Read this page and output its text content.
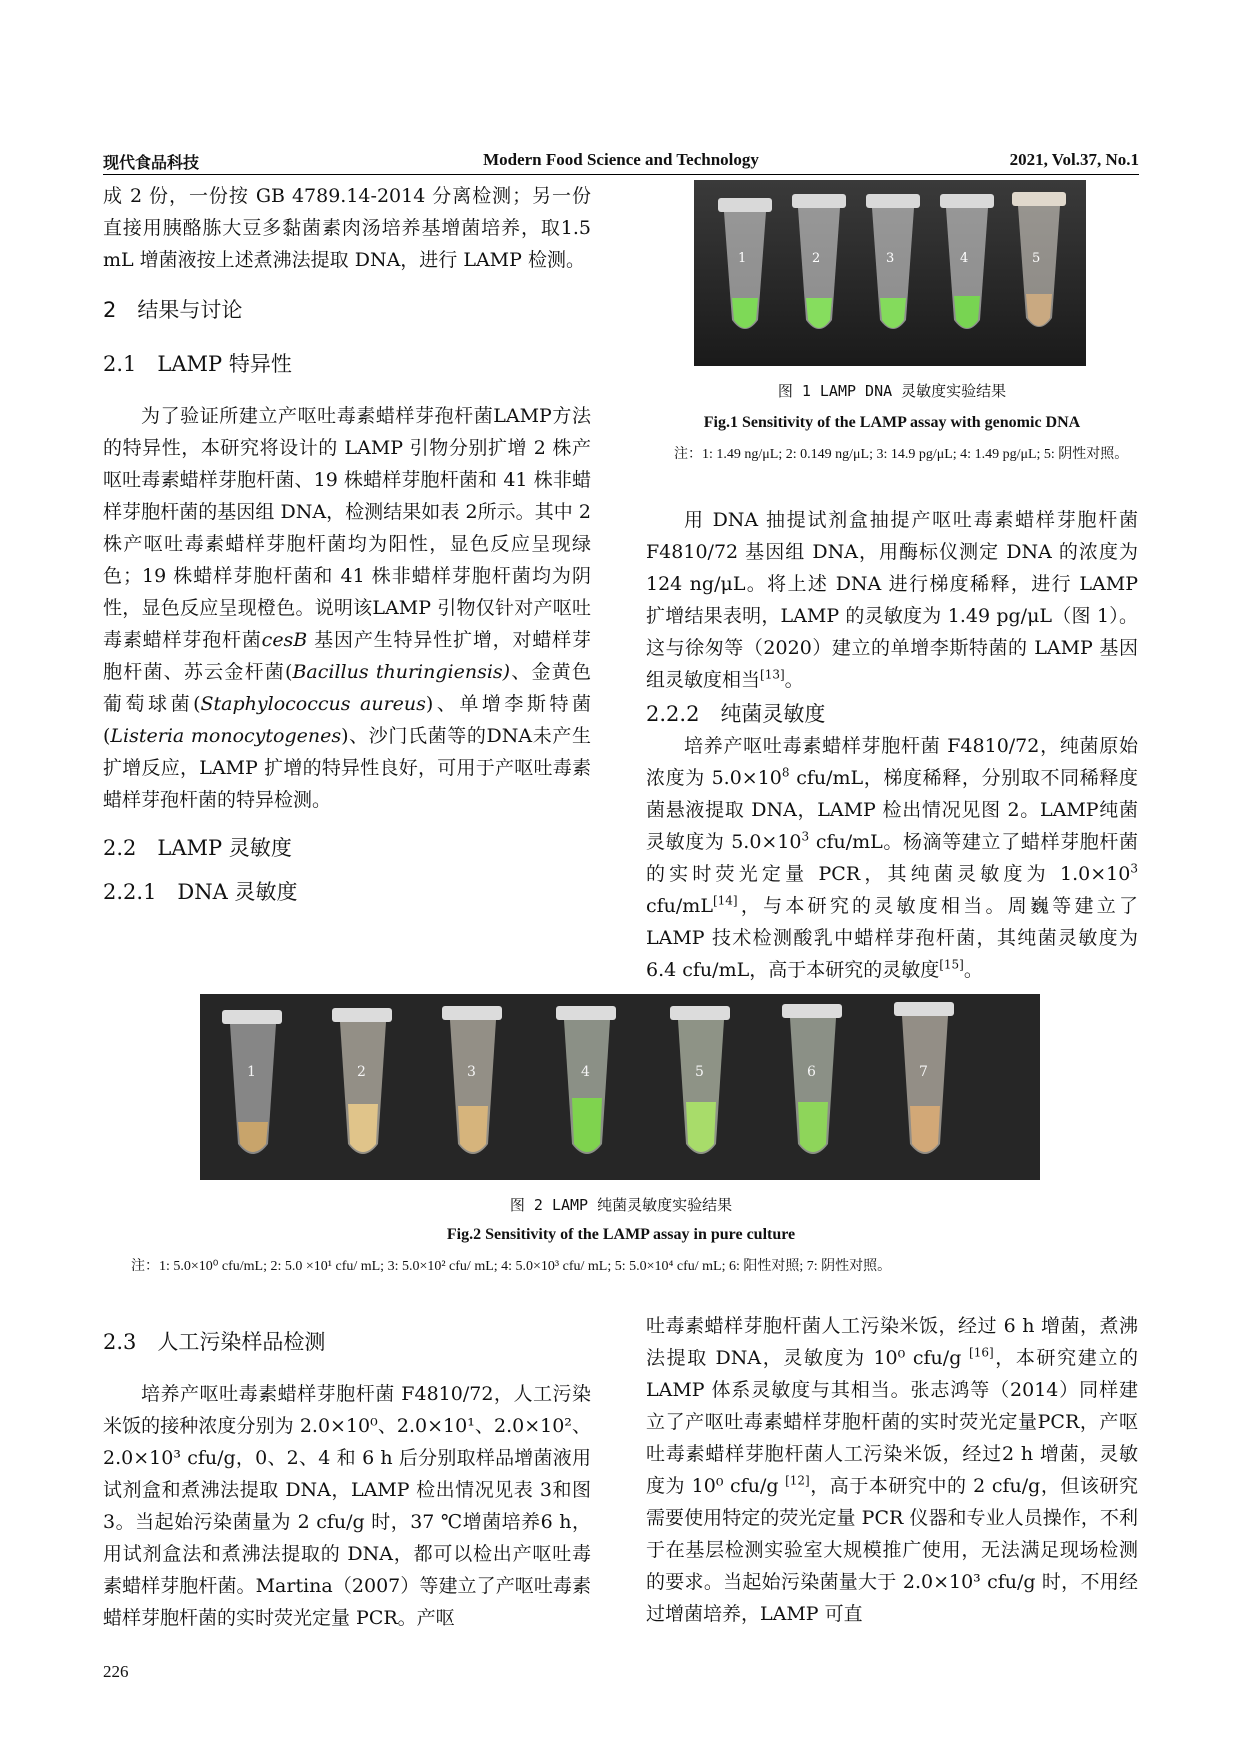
现代食品科技	Modern Food Science and Technology	2021, Vol.37, No.1

成 2 份，一份按 GB 4789.14-2014 分离检测；另一份直接用胰酪胨大豆多黏菌素肉汤培养基增菌培养，取1.5 mL 增菌液按上述煮沸法提取 DNA，进行 LAMP 检测。

2　结果与讨论
2.1　LAMP 特异性

为了验证所建立产呕吐毒素蜡样芽孢杆菌LAMP方法的特异性，本研究将设计的 LAMP 引物分别扩增 2 株产呕吐毒素蜡样芽胞杆菌、19 株蜡样芽胞杆菌和 41 株非蜡样芽胞杆菌的基因组 DNA，检测结果如表 2所示。其中 2 株产呕吐毒素蜡样芽胞杆菌均为阳性，显色反应呈现绿色；19 株蜡样芽胞杆菌和 41 株非蜡样芽胞杆菌均为阴性，显色反应呈现橙色。说明该LAMP 引物仅针对产呕吐毒素蜡样芽孢杆菌cesB 基因产生特异性扩增，对蜡样芽胞杆菌、苏云金杆菌(Bacillus thuringiensis)、金黄色葡萄球菌(Staphylococcus aureus)、单增李斯特菌(Listeria monocytogenes)、沙门氏菌等的DNA未产生扩增反应，LAMP 扩增的特异性良好，可用于产呕吐毒素蜡样芽孢杆菌的特异检测。

2.2　LAMP 灵敏度
2.2.1　DNA 灵敏度
1	2	3	4	5
图 1 LAMP DNA 灵敏度实验结果
Fig.1 Sensitivity of the LAMP assay with genomic DNA
注：1: 1.49 ng/μL; 2: 0.149 ng/μL; 3: 14.9 pg/μL; 4: 1.49 pg/μL; 5: 阴性对照。

用 DNA 抽提试剂盒抽提产呕吐毒素蜡样芽胞杆菌 F4810/72 基因组 DNA，用酶标仪测定 DNA 的浓度为 124 ng/μL。将上述 DNA 进行梯度稀释，进行 LAMP 扩增结果表明，LAMP 的灵敏度为 1.49 pg/μL（图 1）。这与徐匆等（2020）建立的单增李斯特菌的 LAMP 基因组灵敏度相当[13]。

2.2.2　纯菌灵敏度

培养产呕吐毒素蜡样芽胞杆菌 F4810/72，纯菌原始浓度为 $5.0\times 10^8$ cfu/mL，梯度稀释，分别取不同稀释度菌悬液提取 DNA，LAMP 检出情况见图 2。LAMP纯菌灵敏度为 $5.0\times 10^3$ cfu/mL。杨滴等建立了蜡样芽胞杆菌的实时荧光定量 PCR，其纯菌灵敏度为 $1.0\times 10^3$ cfu/mL[14]，与本研究的灵敏度相当。周巍等建立了LAMP 技术检测酸乳中蜡样芽孢杆菌，其纯菌灵敏度为 6.4 cfu/mL，高于本研究的灵敏度[15]。

1	2	3	4	5	6	7
图 2 LAMP 纯菌灵敏度实验结果
Fig.2 Sensitivity of the LAMP assay in pure culture
注：1: 5.0×10⁰ cfu/mL; 2: 5.0 ×10¹ cfu/ mL; 3: 5.0×10² cfu/ mL; 4: 5.0×10³ cfu/ mL; 5: 5.0×10⁴ cfu/ mL; 6: 阳性对照; 7: 阴性对照。
2.3　人工污染样品检测

培养产呕吐毒素蜡样芽胞杆菌 F4810/72，人工污染米饭的接种浓度分别为 2.0×10⁰、2.0×10¹、2.0×10²、2.0×10³ cfu/g，0、2、4 和 6 h 后分别取样品增菌液用试剂盒和煮沸法提取 DNA，LAMP 检出情况见表 3和图 3。当起始污染菌量为 2 cfu/g 时，37 ℃增菌培养6 h，用试剂盒法和煮沸法提取的 DNA，都可以检出产呕吐毒素蜡样芽胞杆菌。Martina（2007）等建立了产呕吐毒素蜡样芽胞杆菌的实时荧光定量 PCR。产呕

吐毒素蜡样芽胞杆菌人工污染米饭，经过 6 h 增菌，煮沸法提取 DNA，灵敏度为 10⁰ cfu/g [16]，本研究建立的 LAMP 体系灵敏度与其相当。张志鸿等（2014）同样建立了产呕吐毒素蜡样芽胞杆菌的实时荧光定量PCR，产呕吐毒素蜡样芽胞杆菌人工污染米饭，经过2 h 增菌，灵敏度为 10⁰ cfu/g [12]，高于本研究中的 2 cfu/g，但该研究需要使用特定的荧光定量 PCR 仪器和专业人员操作，不利于在基层检测实验室大规模推广使用，无法满足现场检测的要求。当起始污染菌量大于 2.0×10³ cfu/g 时，不用经过增菌培养，LAMP 可直

226
